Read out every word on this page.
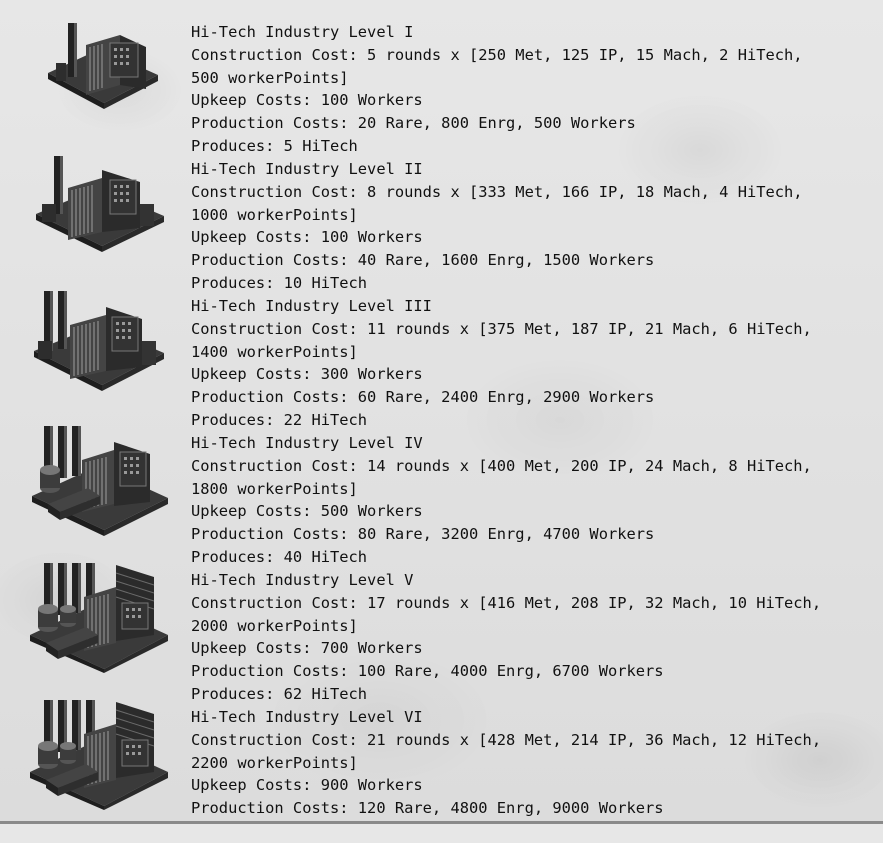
Hi-Tech Industry Level I
Construction Cost: 5 rounds x [250 Met, 125 IP, 15 Mach, 2 HiTech,
500 workerPoints]
Upkeep Costs: 100 Workers
Production Costs: 20 Rare, 800 Enrg, 500 Workers
Produces: 5 HiTech
Hi-Tech Industry Level II
Construction Cost: 8 rounds x [333 Met, 166 IP, 18 Mach, 4 HiTech,
1000 workerPoints]
Upkeep Costs: 100 Workers
Production Costs: 40 Rare, 1600 Enrg, 1500 Workers
Produces: 10 HiTech
Hi-Tech Industry Level III
Construction Cost: 11 rounds x [375 Met, 187 IP, 21 Mach, 6 HiTech,
1400 workerPoints]
Upkeep Costs: 300 Workers
Production Costs: 60 Rare, 2400 Enrg, 2900 Workers
Produces: 22 HiTech
Hi-Tech Industry Level IV
Construction Cost: 14 rounds x [400 Met, 200 IP, 24 Mach, 8 HiTech,
1800 workerPoints]
Upkeep Costs: 500 Workers
Production Costs: 80 Rare, 3200 Enrg, 4700 Workers
Produces: 40 HiTech
Hi-Tech Industry Level V
Construction Cost: 17 rounds x [416 Met, 208 IP, 32 Mach, 10 HiTech,
2000 workerPoints]
Upkeep Costs: 700 Workers
Production Costs: 100 Rare, 4000 Enrg, 6700 Workers
Produces: 62 HiTech
Hi-Tech Industry Level VI
Construction Cost: 21 rounds x [428 Met, 214 IP, 36 Mach, 12 HiTech,
2200 workerPoints]
Upkeep Costs: 900 Workers
Production Costs: 120 Rare, 4800 Enrg, 9000 Workers
